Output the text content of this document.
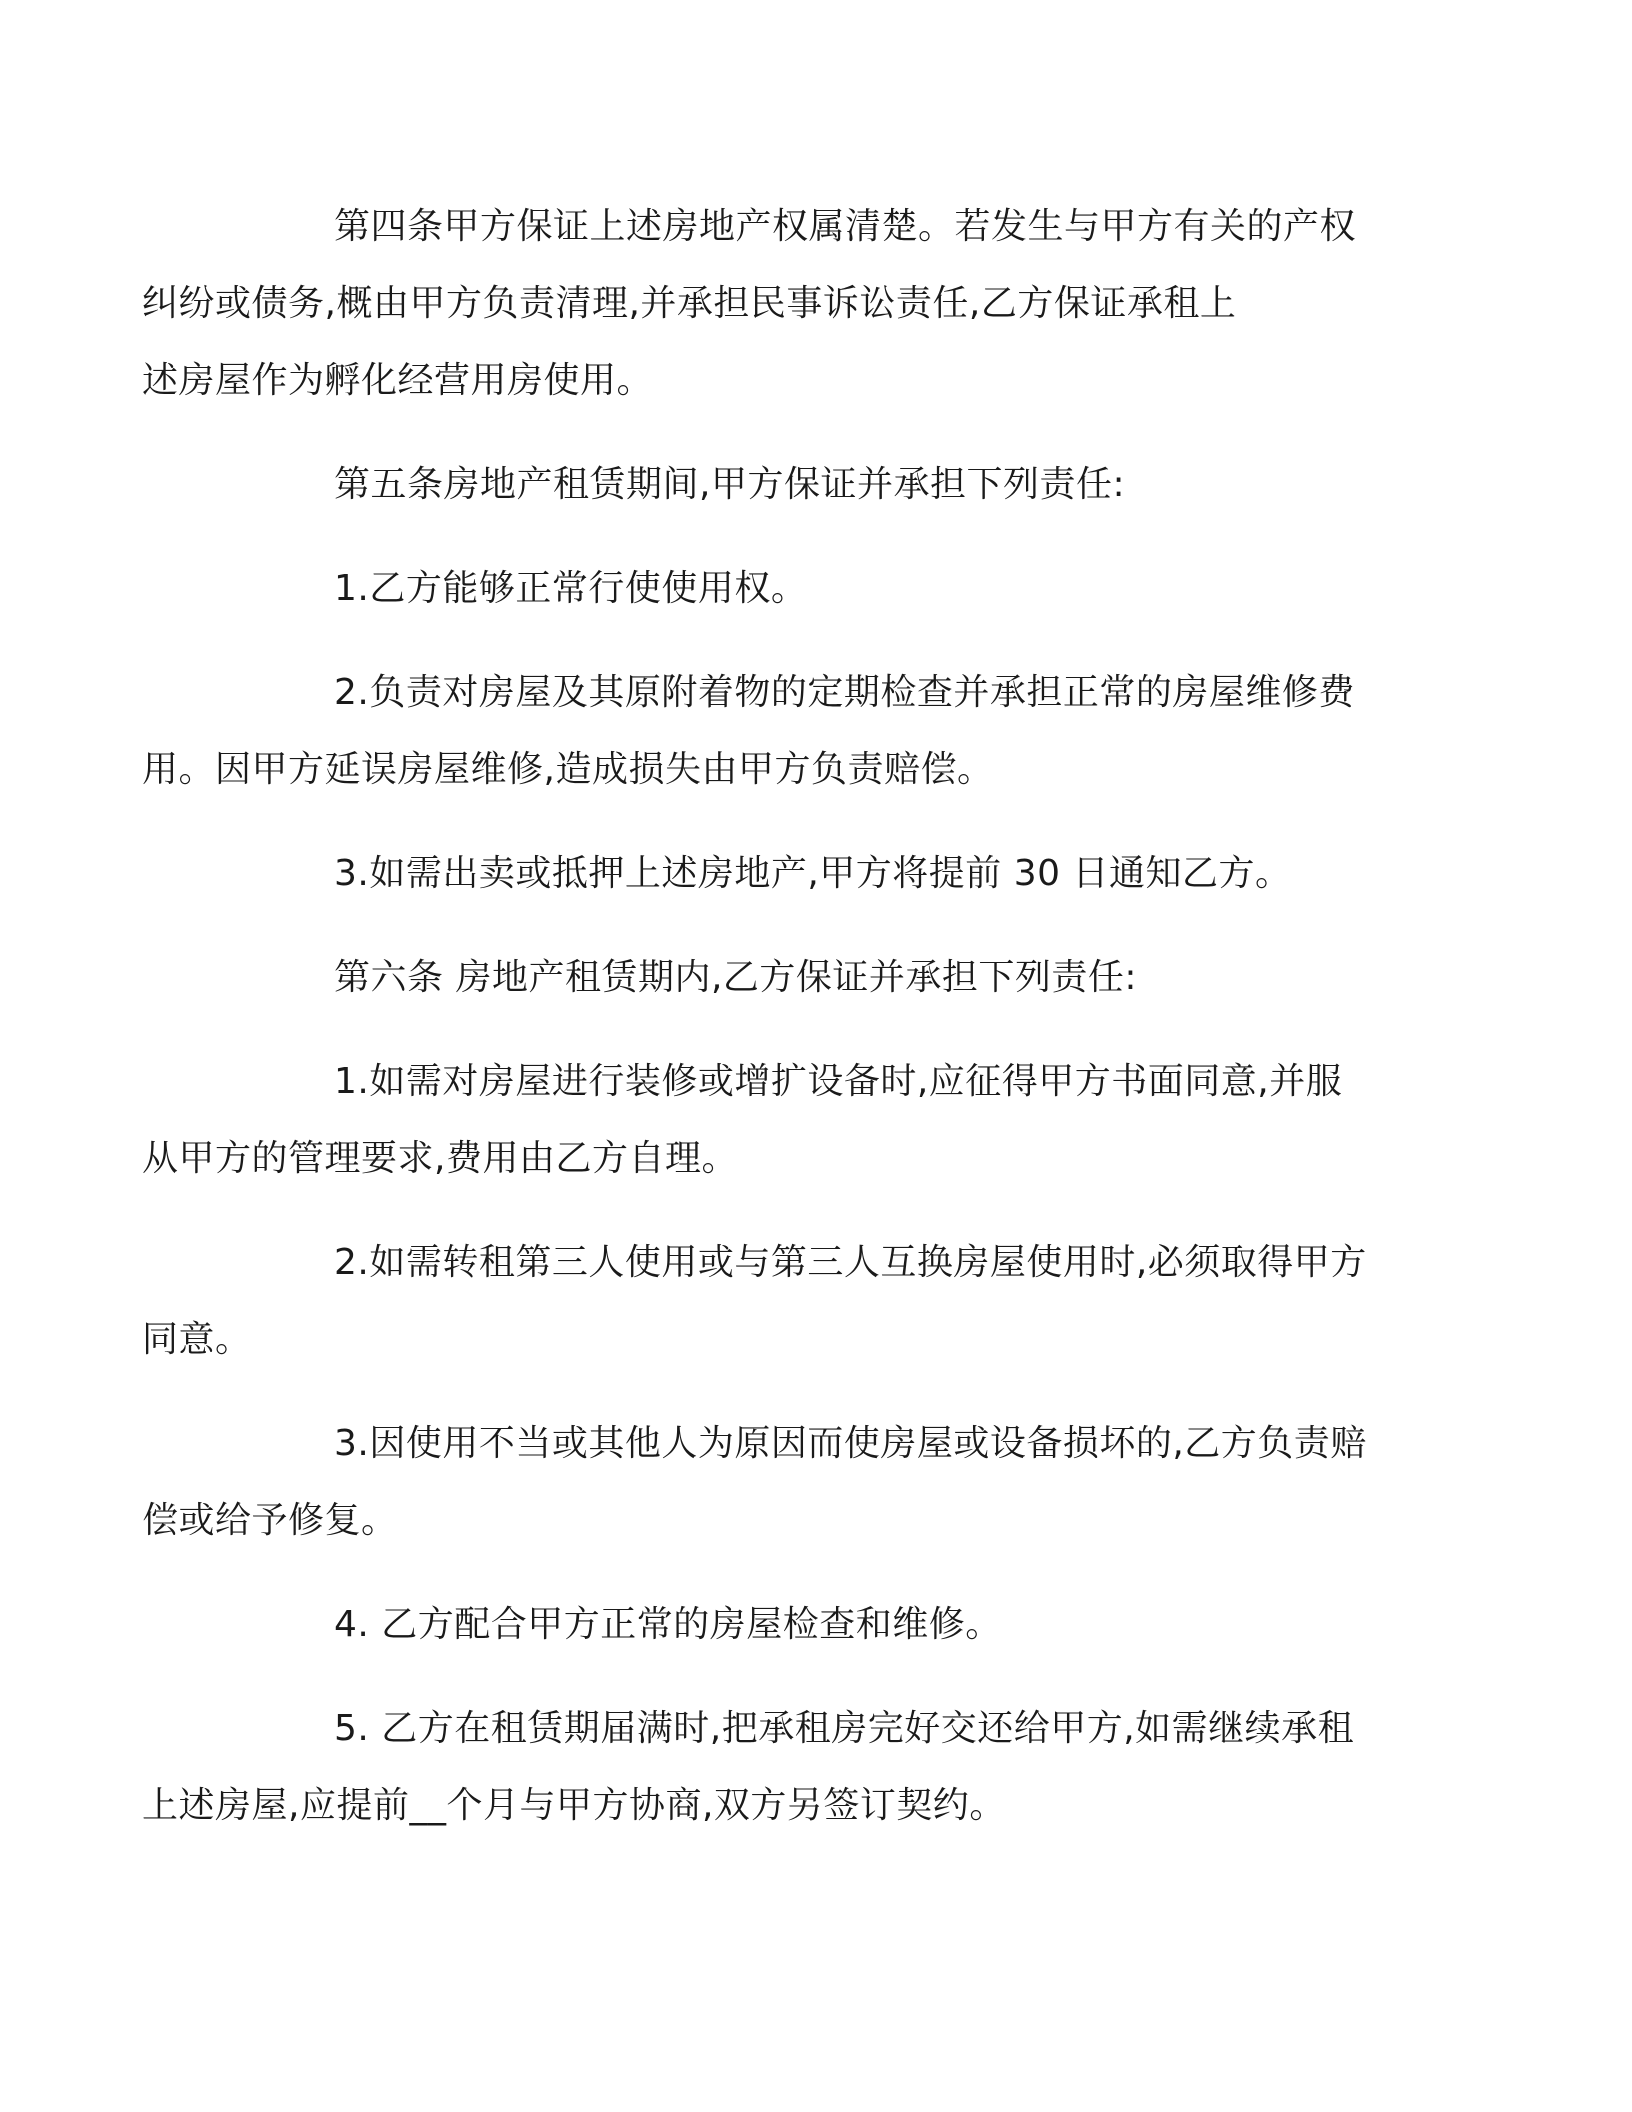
第四条甲方保证上述房地产权属清楚。若发生与甲方有关的产权
纠纷或债务,概由甲方负责清理,并承担民事诉讼责任,乙方保证承租上
述房屋作为孵化经营用房使用。

第五条房地产租赁期间,甲方保证并承担下列责任:

1.乙方能够正常行使使用权。

2.负责对房屋及其原附着物的定期检查并承担正常的房屋维修费
用。因甲方延误房屋维修,造成损失由甲方负责赔偿。

3.如需出卖或抵押上述房地产,甲方将提前 30 日通知乙方。

第六条 房地产租赁期内,乙方保证并承担下列责任:

1.如需对房屋进行装修或增扩设备时,应征得甲方书面同意,并服
从甲方的管理要求,费用由乙方自理。

2.如需转租第三人使用或与第三人互换房屋使用时,必须取得甲方
同意。

3.因使用不当或其他人为原因而使房屋或设备损坏的,乙方负责赔
偿或给予修复。

4. 乙方配合甲方正常的房屋检查和维修。

5. 乙方在租赁期届满时,把承租房完好交还给甲方,如需继续承租
上述房屋,应提前__个月与甲方协商,双方另签订契约。
